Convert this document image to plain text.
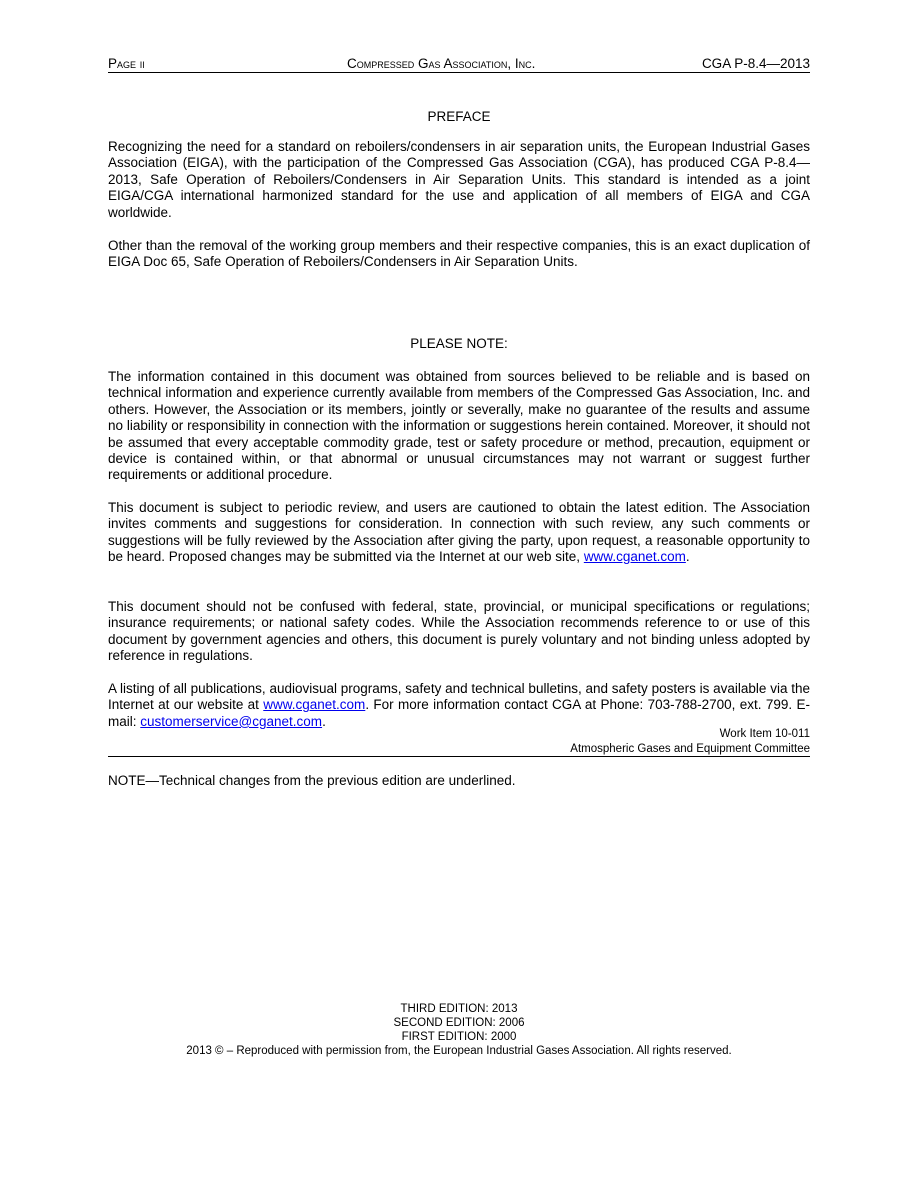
Page ii	Compressed Gas Association, Inc.	CGA P-8.4—2013
PREFACE

Recognizing the need for a standard on reboilers/condensers in air separation units, the European Industrial Gases Association (EIGA), with the participation of the Compressed Gas Association (CGA), has produced CGA P-8.4—2013, Safe Operation of Reboilers/Condensers in Air Separation Units. This standard is intended as a joint EIGA/CGA international harmonized standard for the use and application of all members of EIGA and CGA worldwide.

Other than the removal of the working group members and their respective companies, this is an exact duplication of EIGA Doc 65, Safe Operation of Reboilers/Condensers in Air Separation Units.

PLEASE NOTE:

The information contained in this document was obtained from sources believed to be reliable and is based on technical information and experience currently available from members of the Compressed Gas Association, Inc. and others. However, the Association or its members, jointly or severally, make no guarantee of the results and assume no liability or responsibility in connection with the information or suggestions herein contained. Moreover, it should not be assumed that every acceptable commodity grade, test or safety procedure or method, precaution, equipment or device is contained within, or that abnormal or unusual circumstances may not warrant or suggest further requirements or additional procedure.

This document is subject to periodic review, and users are cautioned to obtain the latest edition. The Association invites comments and suggestions for consideration. In connection with such review, any such comments or suggestions will be fully reviewed by the Association after giving the party, upon request, a reasonable opportunity to be heard. Proposed changes may be submitted via the Internet at our web site, www.cganet.com.

This document should not be confused with federal, state, provincial, or municipal specifications or regulations; insurance requirements; or national safety codes. While the Association recommends reference to or use of this document by government agencies and others, this document is purely voluntary and not binding unless adopted by reference in regulations.

A listing of all publications, audiovisual programs, safety and technical bulletins, and safety posters is available via the Internet at our website at www.cganet.com. For more information contact CGA at Phone: 703-788-2700, ext. 799. E-mail: customerservice@cganet.com.

Work Item 10-011
Atmospheric Gases and Equipment Committee
NOTE—Technical changes from the previous edition are underlined.
THIRD EDITION: 2013
SECOND EDITION: 2006
FIRST EDITION: 2000
2013 © – Reproduced with permission from, the European Industrial Gases Association. All rights reserved.
